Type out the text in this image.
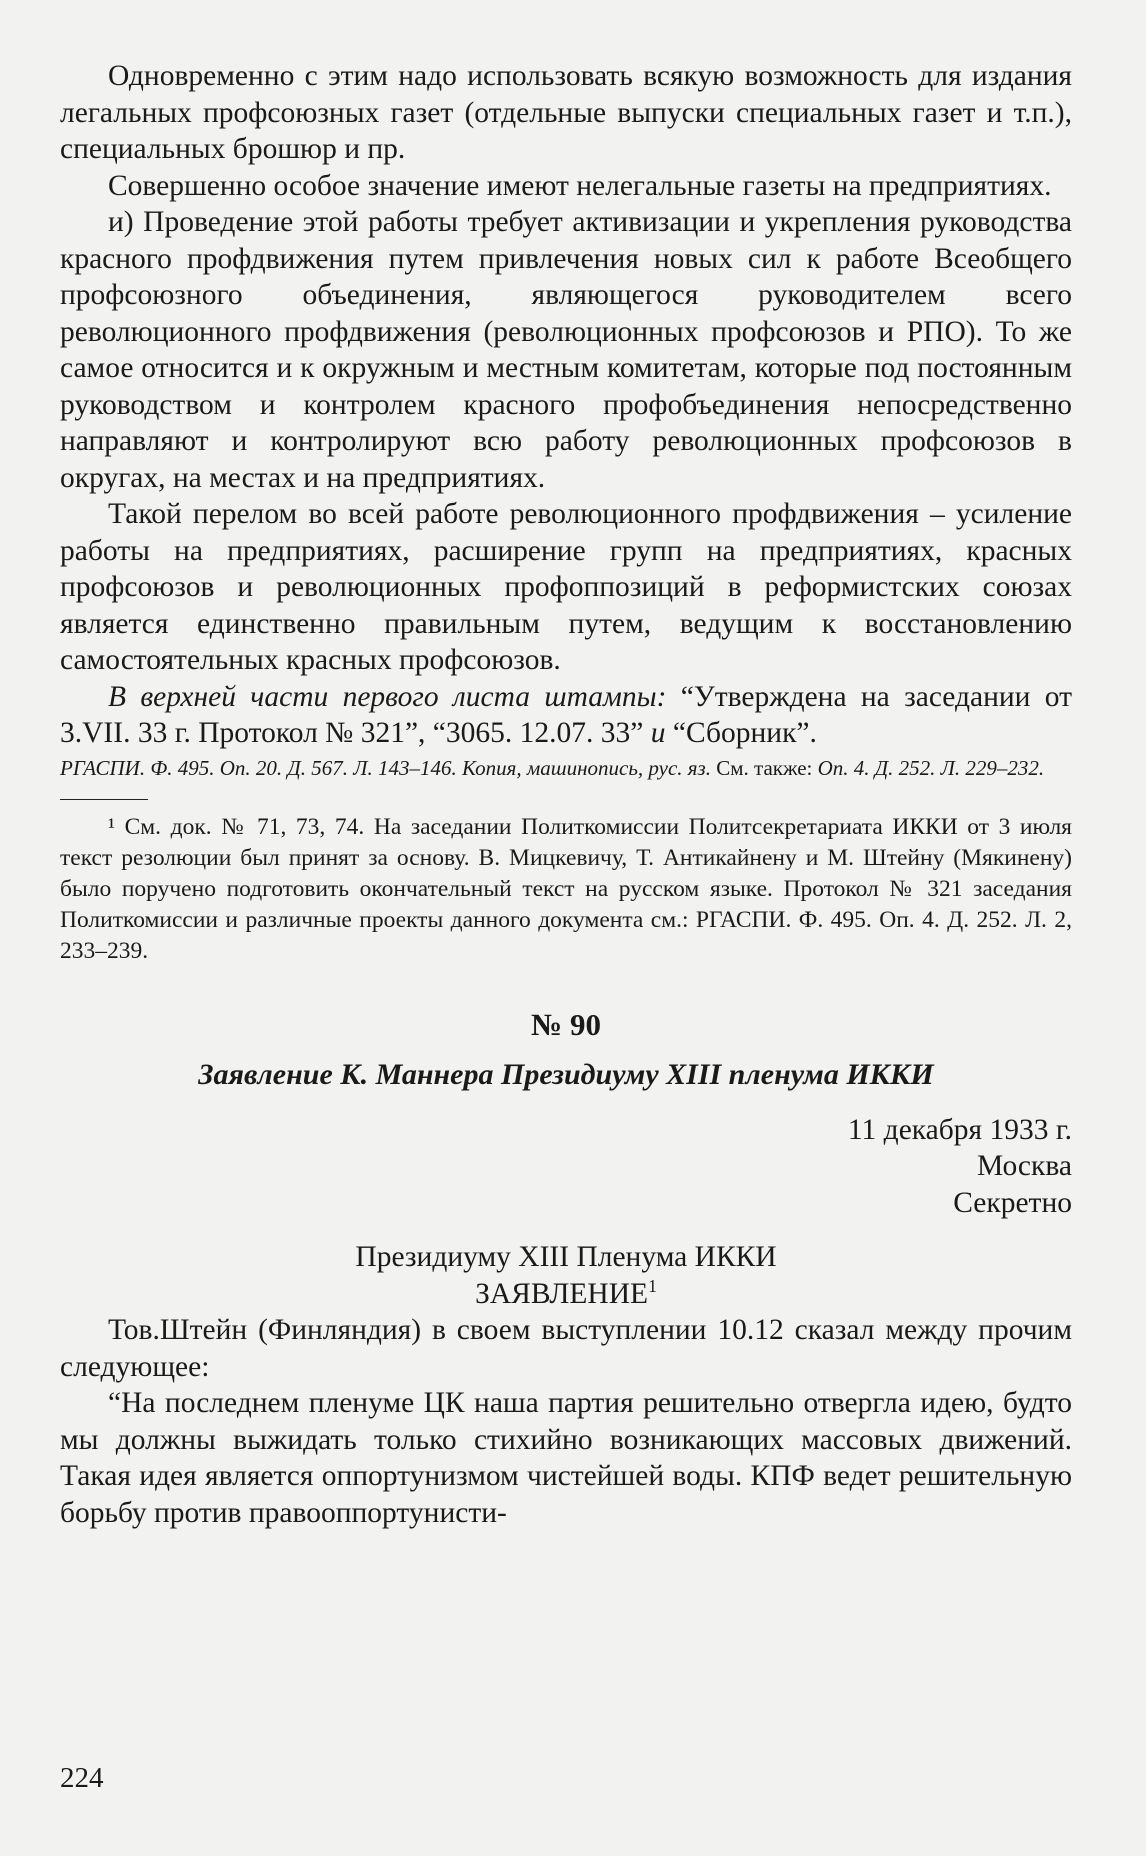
Одновременно с этим надо использовать всякую возможность для издания легальных профсоюзных газет (отдельные выпуски специальных газет и т.п.), специальных брошюр и пр.

Совершенно особое значение имеют нелегальные газеты на предприятиях.

и) Проведение этой работы требует активизации и укрепления руководства красного профдвижения путем привлечения новых сил к работе Всеобщего профсоюзного объединения, являющегося руководителем всего революционного профдвижения (революционных профсоюзов и РПО). То же самое относится и к окружным и местным комитетам, которые под постоянным руководством и контролем красного профобъединения непосредственно направляют и контролируют всю работу революционных профсоюзов в округах, на местах и на предприятиях.

Такой перелом во всей работе революционного профдвижения – усиление работы на предприятиях, расширение групп на предприятиях, красных профсоюзов и революционных профоппозиций в реформистских союзах является единственно правильным путем, ведущим к восстановлению самостоятельных красных профсоюзов.

В верхней части первого листа штампы: “Утверждена на заседании от 3.VII. 33 г. Протокол № 321”, “3065. 12.07. 33” и “Сборник”.

РГАСПИ. Ф. 495. Оп. 20. Д. 567. Л. 143–146. Копия, машинопись, рус. яз. См. также: Оп. 4. Д. 252. Л. 229–232.

¹ См. док. № 71, 73, 74. На заседании Политкомиссии Политсекретариата ИККИ от 3 июля текст резолюции был принят за основу. В. Мицкевичу, Т. Антикайнену и М. Штейну (Мякинену) было поручено подготовить окончательный текст на русском языке. Протокол № 321 заседания Политкомиссии и различные проекты данного документа см.: РГАСПИ. Ф. 495. Оп. 4. Д. 252. Л. 2, 233–239.

№ 90

Заявление К. Маннера Президиуму XIII пленума ИККИ

11 декабря 1933 г.

Москва

Секретно

Президиуму XIII Пленума ИККИ

ЗАЯВЛЕНИЕ$^1$

Тов.Штейн (Финляндия) в своем выступлении 10.12 сказал между прочим следующее:

“На последнем пленуме ЦК наша партия решительно отвергла идею, будто мы должны выжидать только стихийно возникающих массовых движений. Такая идея является оппортунизмом чистейшей воды. КПФ ведет решительную борьбу против правооппортунисти-

224
